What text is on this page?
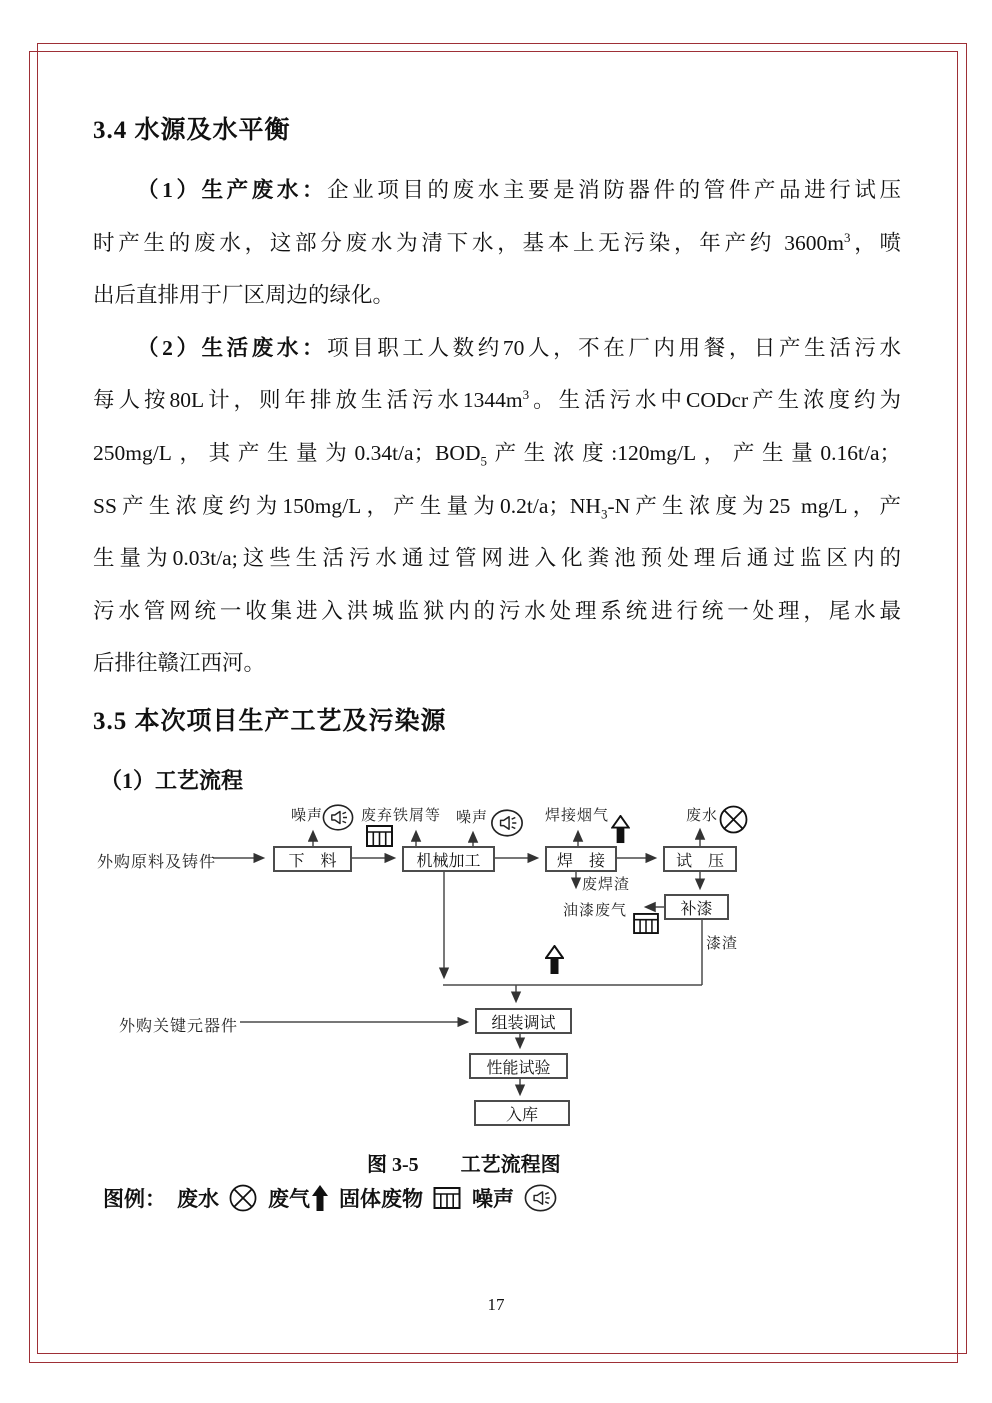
3.4 水源及水平衡
（1）生产废水：企业项目的废水主要是消防器件的管件产品进行试压
时产生的废水，这部分废水为清下水，基本上无污染，年产约 $3600m^3$，喷
出后直排用于厂区周边的绿化。
（2）生活废水：项目职工人数约70人，不在厂内用餐，日产生活污水
每人按80L计，则年排放生活污水$1344m^3$。生活污水中CODcr产生浓度约为
250mg/L，其产生量为0.34t/a；$BOD_5$产生浓度:120mg/L，产生量0.16t/a；
SS产生浓度约为150mg/L，产生量为0.2t/a；$NH_3-N$产生浓度为25 mg/L，产
生量为0.03t/a;这些生活污水通过管网进入化粪池预处理后通过监区内的
污水管网统一收集进入洪城监狱内的污水处理系统进行统一处理，尾水最
后排往赣江西河。
3.5 本次项目生产工艺及污染源
（1）工艺流程
下　料	机械加工	焊　接	试　压
补漆
组装调试
性能试验
入库
外购原料及铸件
外购关键元器件
噪声	废弃铁屑等 噪声	焊接烟气	废水
废焊渣
油漆废气
漆渣
图 3-5 工艺流程图
图例： 废水 废气 固体废物 噪声
17
